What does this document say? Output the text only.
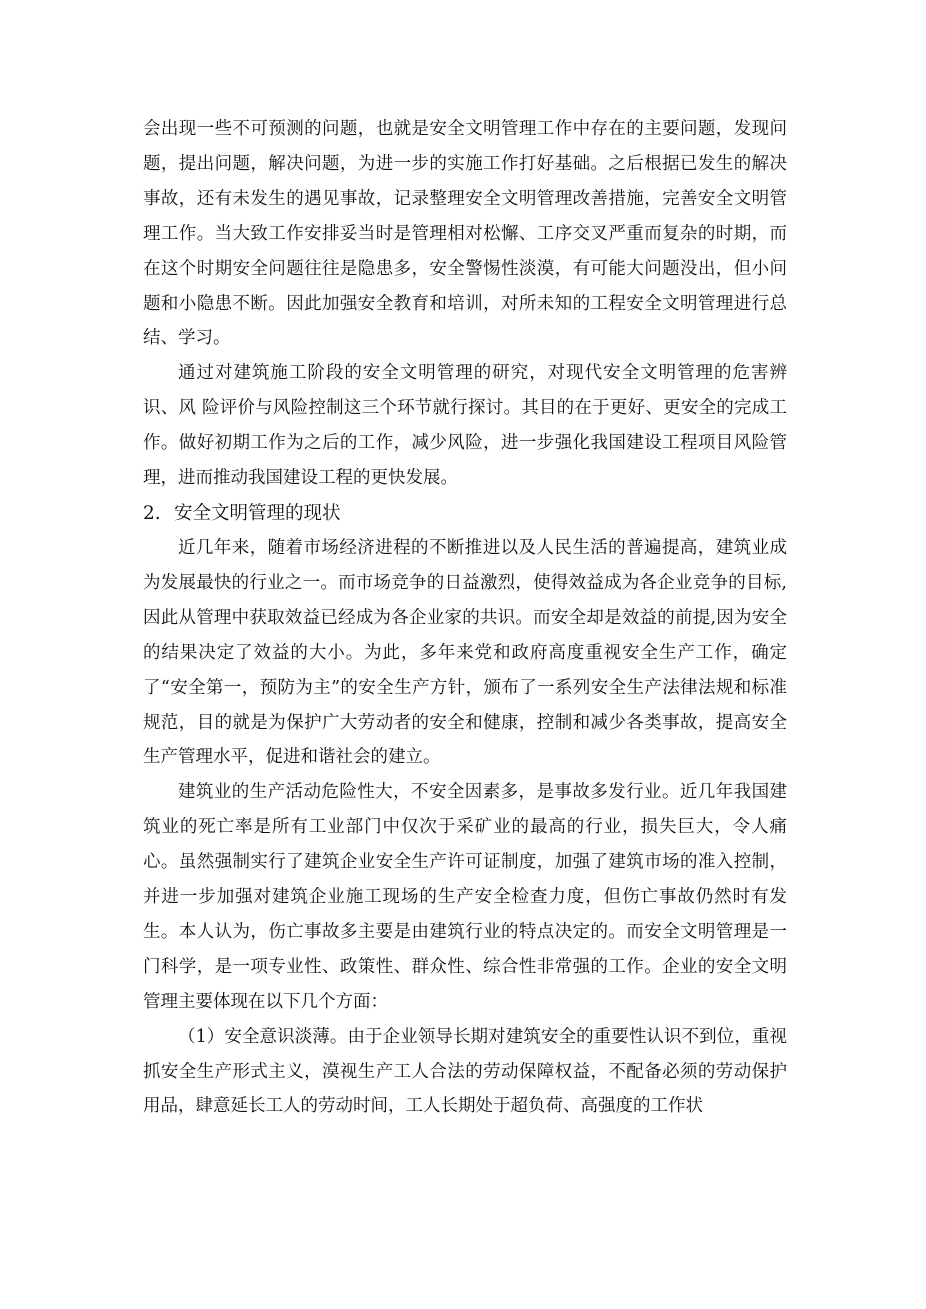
会出现一些不可预测的问题，也就是安全文明管理工作中存在的主要问题，发现问题，提出问题，解决问题，为进一步的实施工作打好基础。之后根据已发生的解决事故，还有未发生的遇见事故，记录整理安全文明管理改善措施，完善安全文明管理工作。当大致工作安排妥当时是管理相对松懈、工序交叉严重而复杂的时期，而在这个时期安全问题往往是隐患多，安全警惕性淡漠，有可能大问题没出，但小问题和小隐患不断。因此加强安全教育和培训，对所未知的工程安全文明管理进行总结、学习。

通过对建筑施工阶段的安全文明管理的研究，对现代安全文明管理的危害辨识、风 险评价与风险控制这三个环节就行探讨。其目的在于更好、更安全的完成工作。做好初期工作为之后的工作，减少风险，进一步强化我国建设工程项目风险管理，进而推动我国建设工程的更快发展。

2. 安全文明管理的现状

近几年来，随着市场经济进程的不断推进以及人民生活的普遍提高，建筑业成为发展最快的行业之一。而市场竞争的日益激烈，使得效益成为各企业竞争的目标,因此从管理中获取效益已经成为各企业家的共识。而安全却是效益的前提,因为安全的结果决定了效益的大小。为此，多年来党和政府高度重视安全生产工作，确定了“安全第一，预防为主”的安全生产方针，颁布了一系列安全生产法律法规和标准规范，目的就是为保护广大劳动者的安全和健康，控制和减少各类事故，提高安全生产管理水平，促进和谐社会的建立。

建筑业的生产活动危险性大，不安全因素多，是事故多发行业。近几年我国建筑业的死亡率是所有工业部门中仅次于采矿业的最高的行业，损失巨大，令人痛心。虽然强制实行了建筑企业安全生产许可证制度，加强了建筑市场的准入控制，并进一步加强对建筑企业施工现场的生产安全检查力度，但伤亡事故仍然时有发生。本人认为，伤亡事故多主要是由建筑行业的特点决定的。而安全文明管理是一门科学，是一项专业性、政策性、群众性、综合性非常强的工作。企业的安全文明管理主要体现在以下几个方面：

（1）安全意识淡薄。由于企业领导长期对建筑安全的重要性认识不到位，重视抓安全生产形式主义，漠视生产工人合法的劳动保障权益，不配备必须的劳动保护用品，肆意延长工人的劳动时间，工人长期处于超负荷、高强度的工作状
